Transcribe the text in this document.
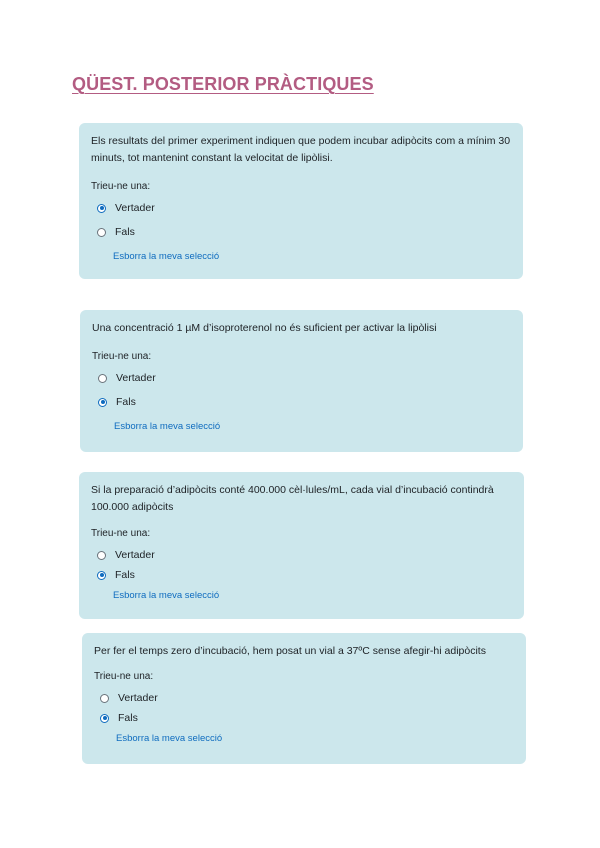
QÜEST. POSTERIOR PRÀCTIQUES

Els resultats del primer experiment indiquen que podem incubar adipòcits com a mínim 30 minuts, tot mantenint constant la velocitat de lipòlisi.

Trieu-ne una:
Vertader
Fals
Esborra la meva selecció

Una concentració 1 µM d’isoproterenol no és suficient per activar la lipòlisi

Trieu-ne una:
Vertader
Fals
Esborra la meva selecció

Si la preparació d’adipòcits conté 400.000 cèl·lules/mL, cada vial d’incubació contindrà 100.000 adipòcits

Trieu-ne una:
Vertader
Fals
Esborra la meva selecció

Per fer el temps zero d’incubació, hem posat un vial a 37ºC sense afegir-hi adipòcits

Trieu-ne una:
Vertader
Fals
Esborra la meva selecció
